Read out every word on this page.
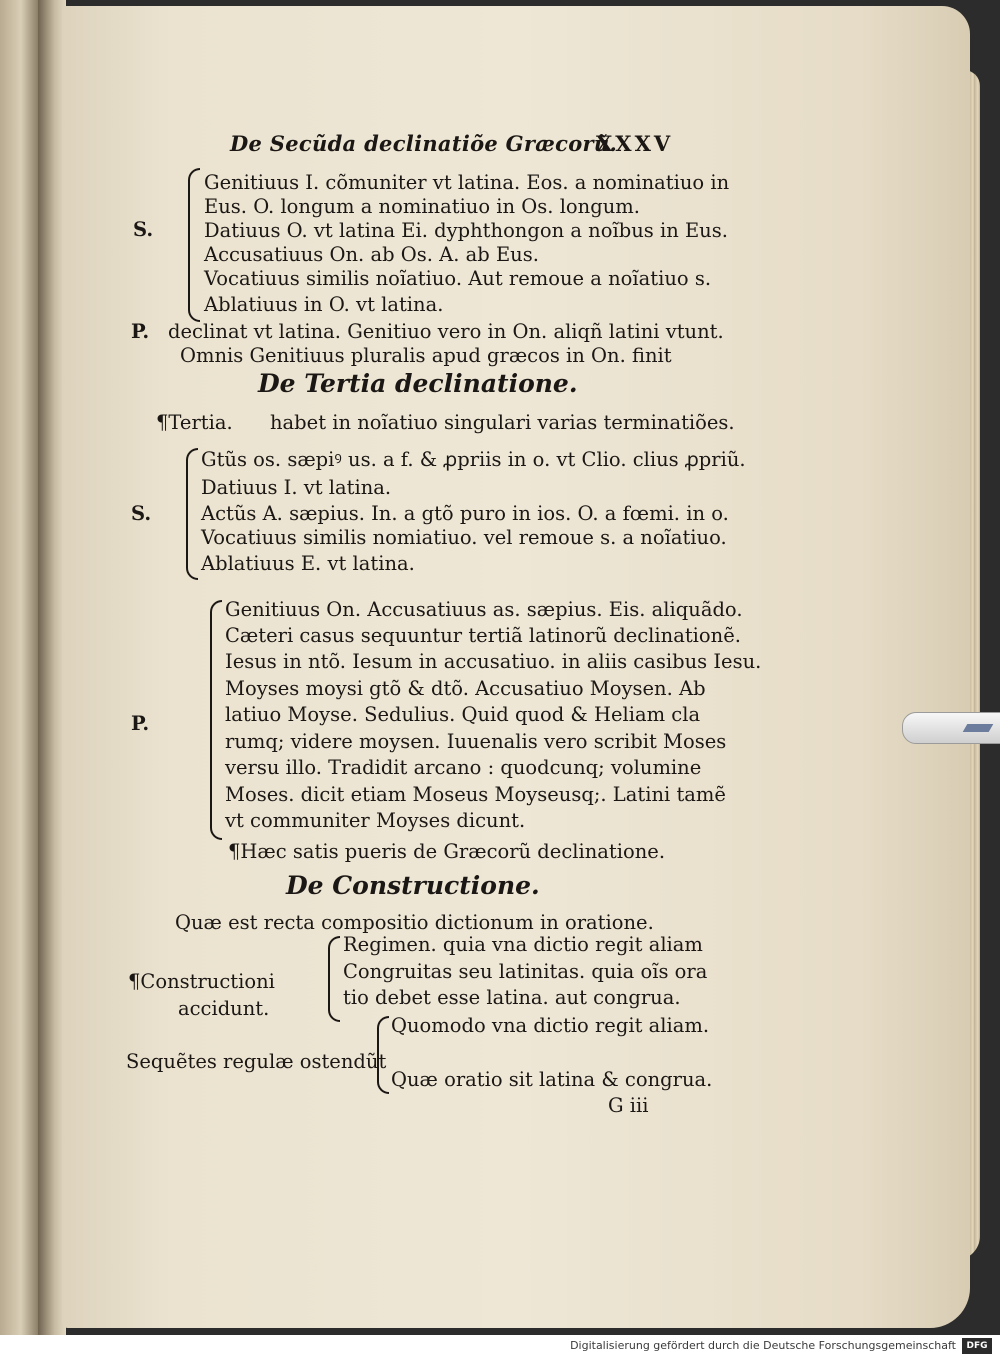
De Secũda declinatiõe Græcorũ.
XXXV
S.
Genitiuus I. cõmuniter vt latina. Eos. a nominatiuo in
Eus. O. longum a nominatiuo in Os. longum.
Datiuus O. vt latina Ei. dyphthongon a noĩbus in Eus.
Accusatiuus On. ab Os. A. ab Eus.
Vocatiuus similis noĩatiuo. Aut remoue a noĩatiuo s.
Ablatiuus in O. vt latina.
P. declinat vt latina. Genitiuo vero in On. aliqñ latini vtunt.
Omnis Genitiuus pluralis apud græcos in On. finit
De Tertia declinatione.
¶Tertia. habet in noĩatiuo singulari varias terminatiões.
S.
Gtũs os. sæpiꝰ us. a f. & ꝓpriis in o. vt Clio. clius ꝓpriũ.
Datiuus I. vt latina.
Actũs A. sæpius. In. a gtõ puro in ios. O. a fœmi. in o.
Vocatiuus similis nomiatiuo. vel remoue s. a noĩatiuo.
Ablatiuus E. vt latina.
P.
Genitiuus On. Accusatiuus as. sæpius. Eis. aliquãdo.
Cæteri casus sequuntur tertiã latinorũ declinationẽ.
Iesus in ntõ. Iesum in accusatiuo. in aliis casibus Iesu.
Moyses moysi gtõ & dtõ. Accusatiuo Moysen. Ab
latiuo Moyse. Sedulius. Quid quod & Heliam cla
rumq; videre moysen. Iuuenalis vero scribit Moses
versu illo. Tradidit arcano : quodcunq; volumine
Moses. dicit etiam Moseus Moyseusq;. Latini tamẽ
vt communiter Moyses dicunt.
¶Hæc satis pueris de Græcorũ declinatione.
De Constructione.
Quæ est recta compositio dictionum in oratione.
¶Constructioni
accidunt.
Regimen. quia vna dictio regit aliam
Congruitas seu latinitas. quia oĩs ora
tio debet esse latina. aut congrua.
Sequẽtes regulæ ostendũt
Quomodo vna dictio regit aliam.
Quæ oratio sit latina & congrua.
G iii
Digitalisierung gefördert durch die Deutsche Forschungsgemeinschaft	DFG
